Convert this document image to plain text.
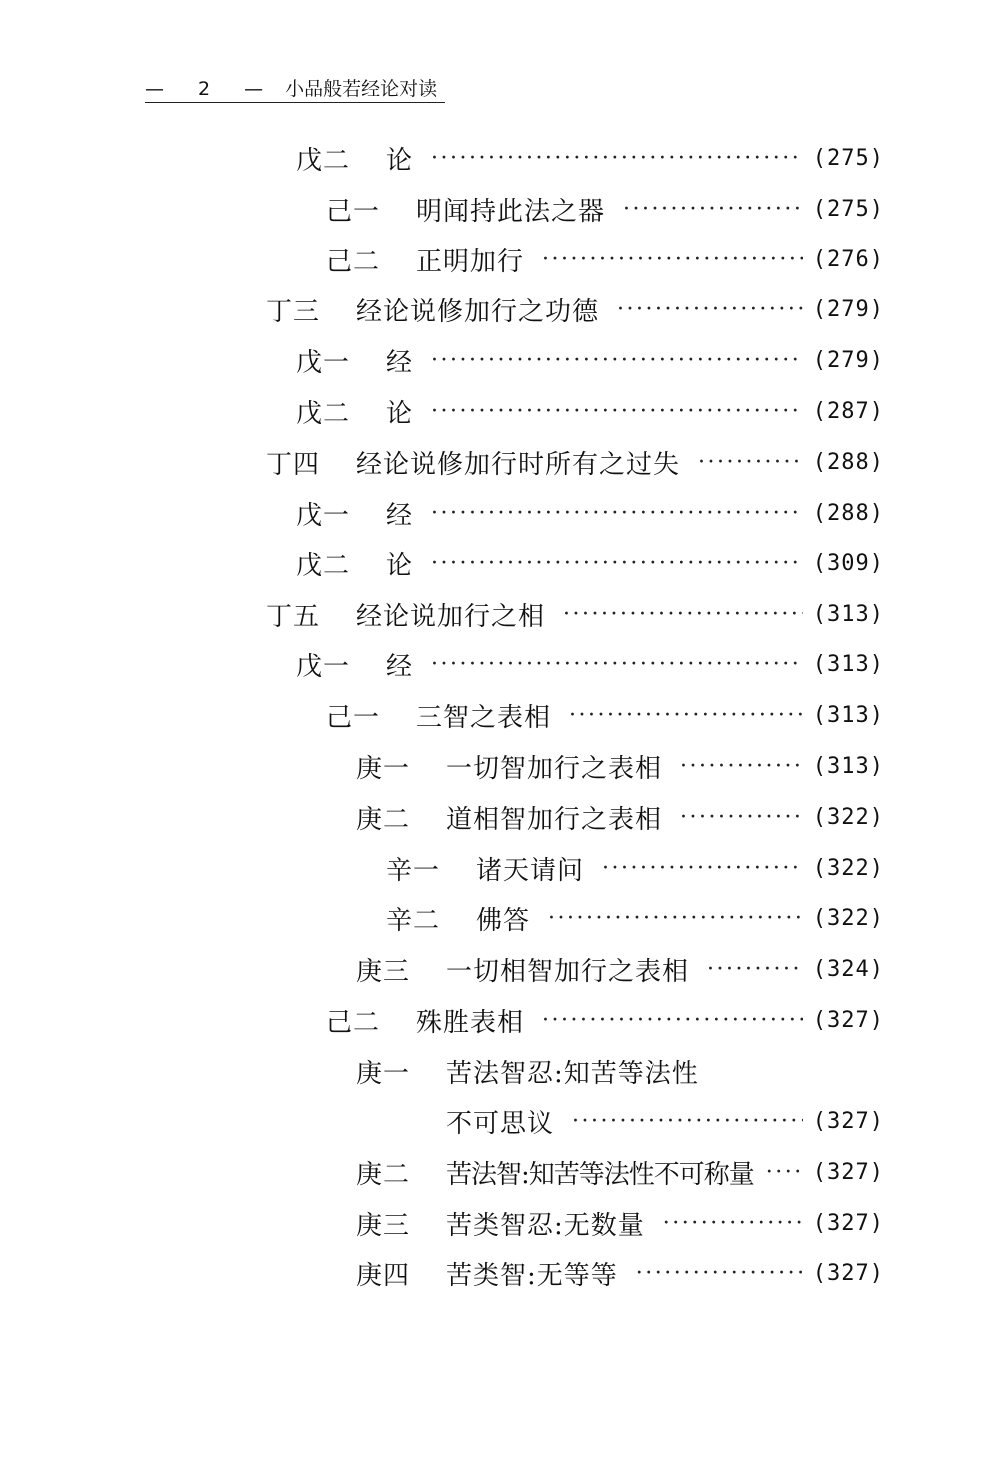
— 2 — 小品般若经论对读
戊二	论 ·····	(275)
己一	明闻持此法之器 ·····	(275)
己二	正明加行 ·····	(276)
丁三	经论说修加行之功德 ·····	(279)
戊一	经 ·····	(279)
戊二	论 ·····	(287)
丁四	经论说修加行时所有之过失 ·····	(288)
戊一	经 ·····	(288)
戊二	论 ·····	(309)
丁五	经论说加行之相 ·····	(313)
戊一	经 ·····	(313)
己一	三智之表相 ·····	(313)
庚一	一切智加行之表相 ·····	(313)
庚二	道相智加行之表相 ·····	(322)
辛一	诸天请问 ·····	(322)
辛二	佛答 ·····	(322)
庚三	一切相智加行之表相 ·····	(324)
己二	殊胜表相 ·····	(327)
庚一	苦法智忍:知苦等法性
不可思议 ·····	(327)
庚二	苦法智:知苦等法性不可称量 ·····	(327)
庚三	苦类智忍:无数量 ·····	(327)
庚四	苦类智:无等等 ·····	(327)
